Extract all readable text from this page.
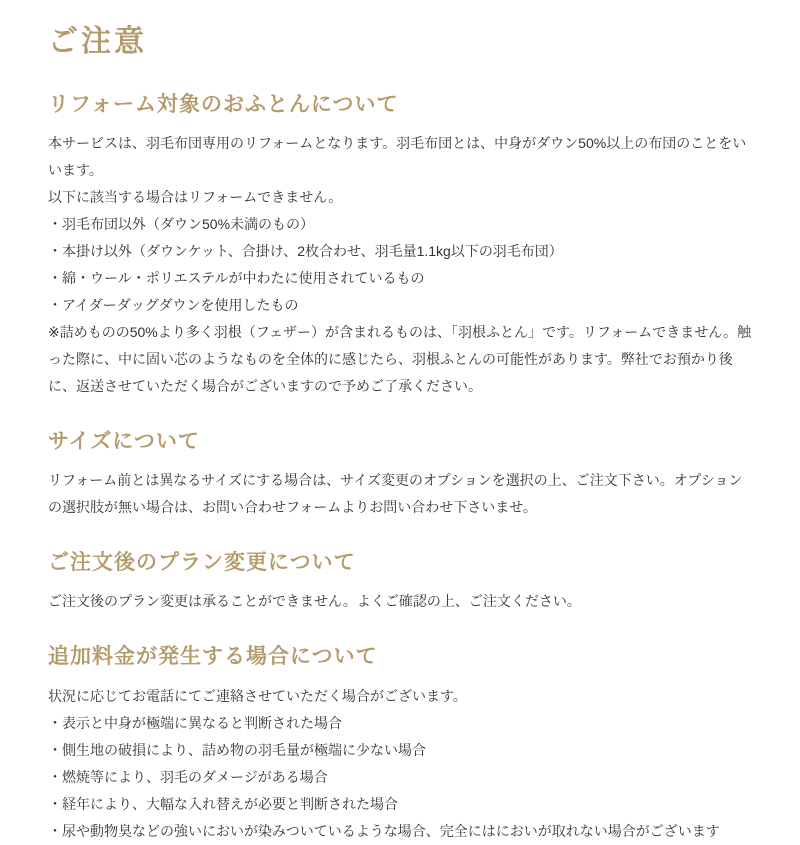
ご注意
リフォーム対象のおふとんについて

本サービスは、羽毛布団専用のリフォームとなります。羽毛布団とは、中身がダウン50%以上の布団のことをいいます。

以下に該当する場合はリフォームできません。

・羽毛布団以外（ダウン50%未満のもの）

・本掛け以外（ダウンケット、合掛け、2枚合わせ、羽毛量1.1kg以下の羽毛布団）

・綿・ウール・ポリエステルが中わたに使用されているもの

・アイダーダッグダウンを使用したもの

※詰めものの50%より多く羽根（フェザー）が含まれるものは、「羽根ふとん」です。リフォームできません。触った際に、中に固い芯のようなものを全体的に感じたら、羽根ふとんの可能性があります。弊社でお預かり後に、返送させていただく場合がございますので予めご了承ください。

サイズについて

リフォーム前とは異なるサイズにする場合は、サイズ変更のオプションを選択の上、ご注文下さい。オプションの選択肢が無い場合は、お問い合わせフォームよりお問い合わせ下さいませ。

ご注文後のプラン変更について

ご注文後のプラン変更は承ることができません。よくご確認の上、ご注文ください。

追加料金が発生する場合について

状況に応じてお電話にてご連絡させていただく場合がございます。

・表示と中身が極端に異なると判断された場合

・側生地の破損により、詰め物の羽毛量が極端に少ない場合

・燃焼等により、羽毛のダメージがある場合

・経年により、大幅な入れ替えが必要と判断された場合

・尿や動物臭などの強いにおいが染みついているような場合、完全にはにおいが取れない場合がございます
